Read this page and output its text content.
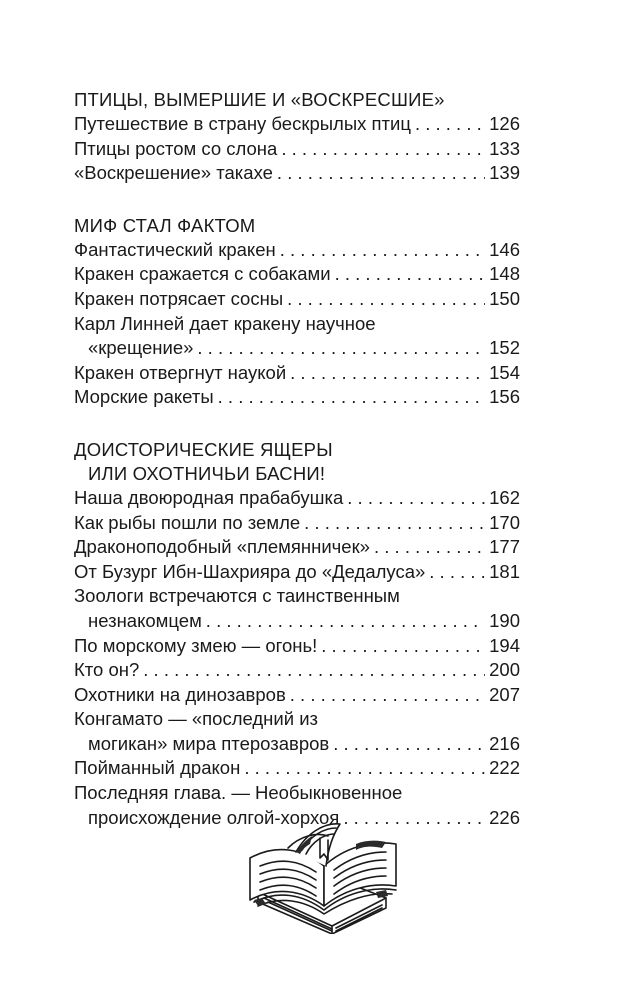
ПТИЦЫ, ВЫМЕРШИЕ И «ВОСКРЕСШИЕ»
Путешествие в страну бескрылых птиц . . .	126
Птицы ростом со слона . . .	133
«Воскрешение» такахе . . .	139
МИФ СТАЛ ФАКТОМ
Фантастический кракен . . .	146
Кракен сражается с собаками . . .	148
Кракен потрясает сосны . . .	150
Карл Линней дает кракену научное
«крещение» . . .	152
Кракен отвергнут наукой . . .	154
Морские ракеты . . .	156
ДОИСТОРИЧЕСКИЕ ЯЩЕРЫ
ИЛИ ОХОТНИЧЬИ БАСНИ!
Наша двоюродная прабабушка . . .	162
Как рыбы пошли по земле . . .	170
Драконоподобный «племянничек» . . .	177
От Бузург Ибн-Шахрияра до «Дедалуса» . . .	181
Зоологи встречаются с таинственным
незнакомцем . . .	190
По морскому змею — огонь! . . .	194
Кто он? . . .	200
Охотники на динозавров . . .	207
Конгамато — «последний из
могикан» мира птерозавров . . .	216
Пойманный дракон . . .	222
Последняя глава. — Необыкновенное
происхождение олгой-хорхоя . . .	226
